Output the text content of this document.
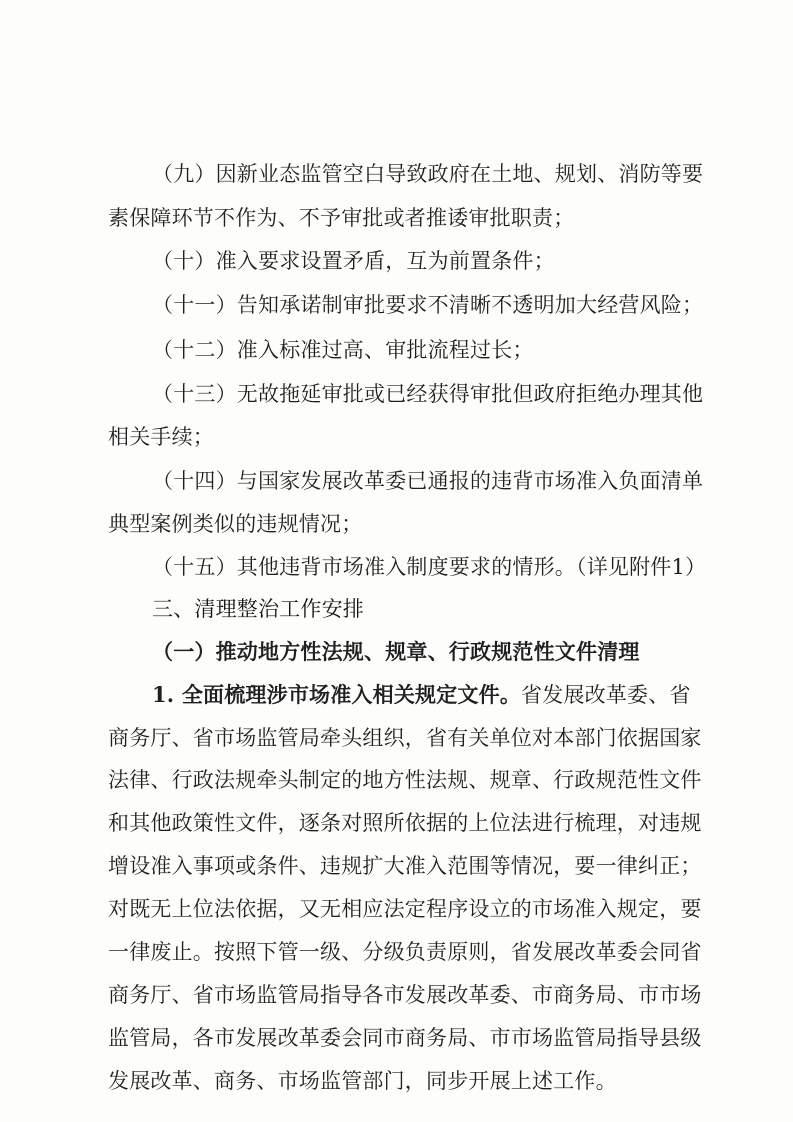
（九）因新业态监管空白导致政府在土地、规划、消防等要
素保障环节不作为、不予审批或者推诿审批职责；
（十）准入要求设置矛盾，互为前置条件；
（十一）告知承诺制审批要求不清晰不透明加大经营风险；
（十二）准入标准过高、审批流程过长；
（十三）无故拖延审批或已经获得审批但政府拒绝办理其他
相关手续；
（十四）与国家发展改革委已通报的违背市场准入负面清单
典型案例类似的违规情况；
（十五）其他违背市场准入制度要求的情形。（详见附件1）
三、清理整治工作安排
（一）推动地方性法规、规章、行政规范性文件清理
1. 全面梳理涉市场准入相关规定文件。省发展改革委、省
商务厅、省市场监管局牵头组织，省有关单位对本部门依据国家
法律、行政法规牵头制定的地方性法规、规章、行政规范性文件
和其他政策性文件，逐条对照所依据的上位法进行梳理，对违规
增设准入事项或条件、违规扩大准入范围等情况，要一律纠正；
对既无上位法依据，又无相应法定程序设立的市场准入规定，要
一律废止。按照下管一级、分级负责原则，省发展改革委会同省
商务厅、省市场监管局指导各市发展改革委、市商务局、市市场
监管局，各市发展改革委会同市商务局、市市场监管局指导县级
发展改革、商务、市场监管部门，同步开展上述工作。
